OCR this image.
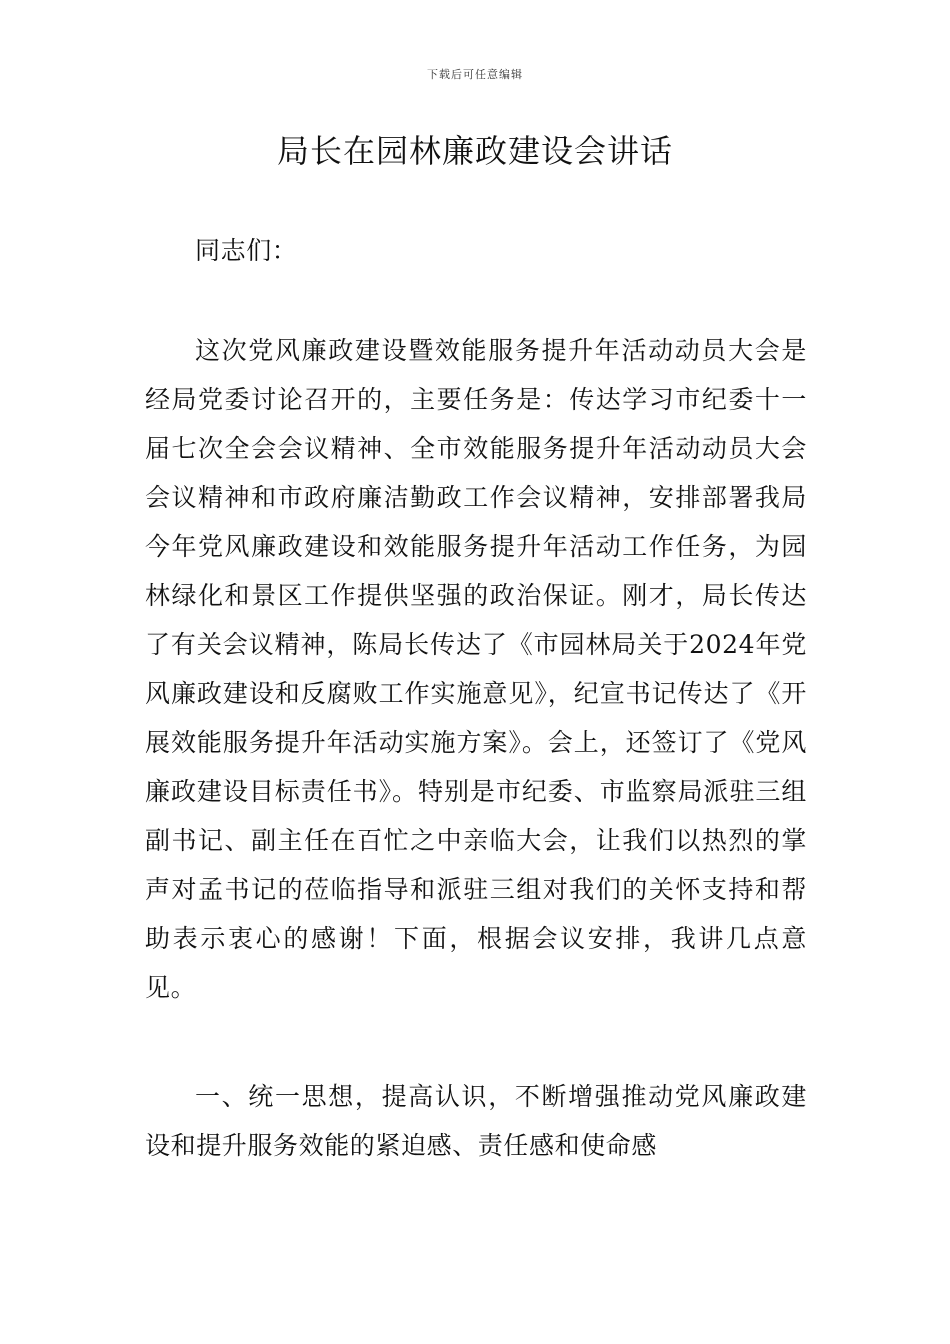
下载后可任意编辑
局长在园林廉政建设会讲话

同志们：

这次党风廉政建设暨效能服务提升年活动动员大会是经局党委讨论召开的，主要任务是：传达学习市纪委十一届七次全会会议精神、全市效能服务提升年活动动员大会会议精神和市政府廉洁勤政工作会议精神，安排部署我局今年党风廉政建设和效能服务提升年活动工作任务，为园林绿化和景区工作提供坚强的政治保证。刚才，局长传达了有关会议精神，陈局长传达了《市园林局关于2024年党风廉政建设和反腐败工作实施意见》，纪宣书记传达了《开展效能服务提升年活动实施方案》。会上，还签订了《党风廉政建设目标责任书》。特别是市纪委、市监察局派驻三组副书记、副主任在百忙之中亲临大会，让我们以热烈的掌声对孟书记的莅临指导和派驻三组对我们的关怀支持和帮助表示衷心的感谢！下面，根据会议安排，我讲几点意见。

一、统一思想，提高认识，不断增强推动党风廉政建设和提升服务效能的紧迫感、责任感和使命感
